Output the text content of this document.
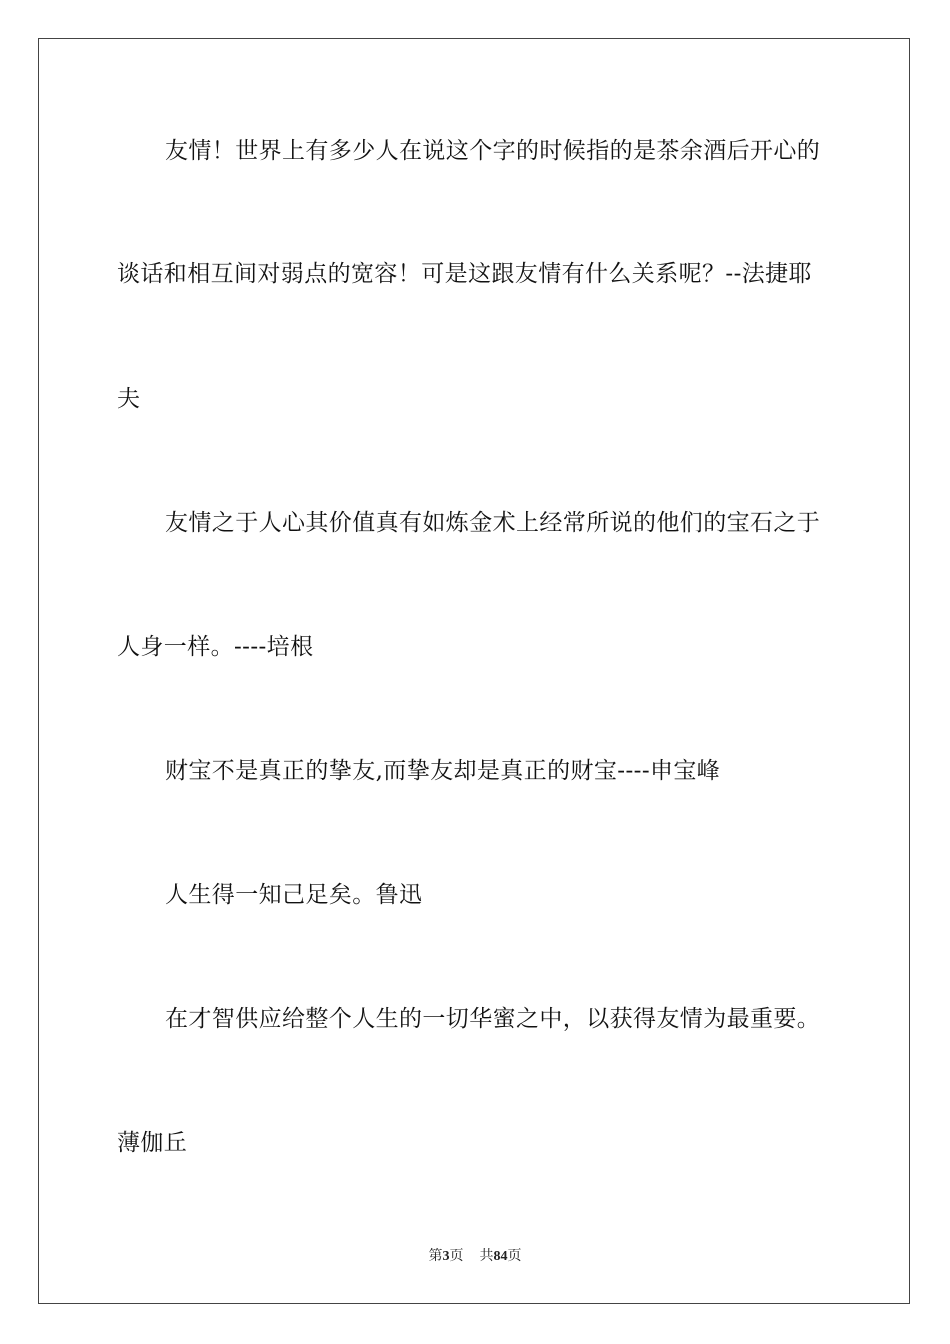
友情！世界上有多少人在说这个字的时候指的是茶余酒后开心的
谈话和相互间对弱点的宽容！可是这跟友情有什么关系呢？--法捷耶
夫
友情之于人心其价值真有如炼金术上经常所说的他们的宝石之于
人身一样。----培根
财宝不是真正的挚友,而挚友却是真正的财宝----申宝峰
人生得一知己足矣。鲁迅
在才智供应给整个人生的一切华蜜之中，以获得友情为最重要。
薄伽丘
第3页 共84页
